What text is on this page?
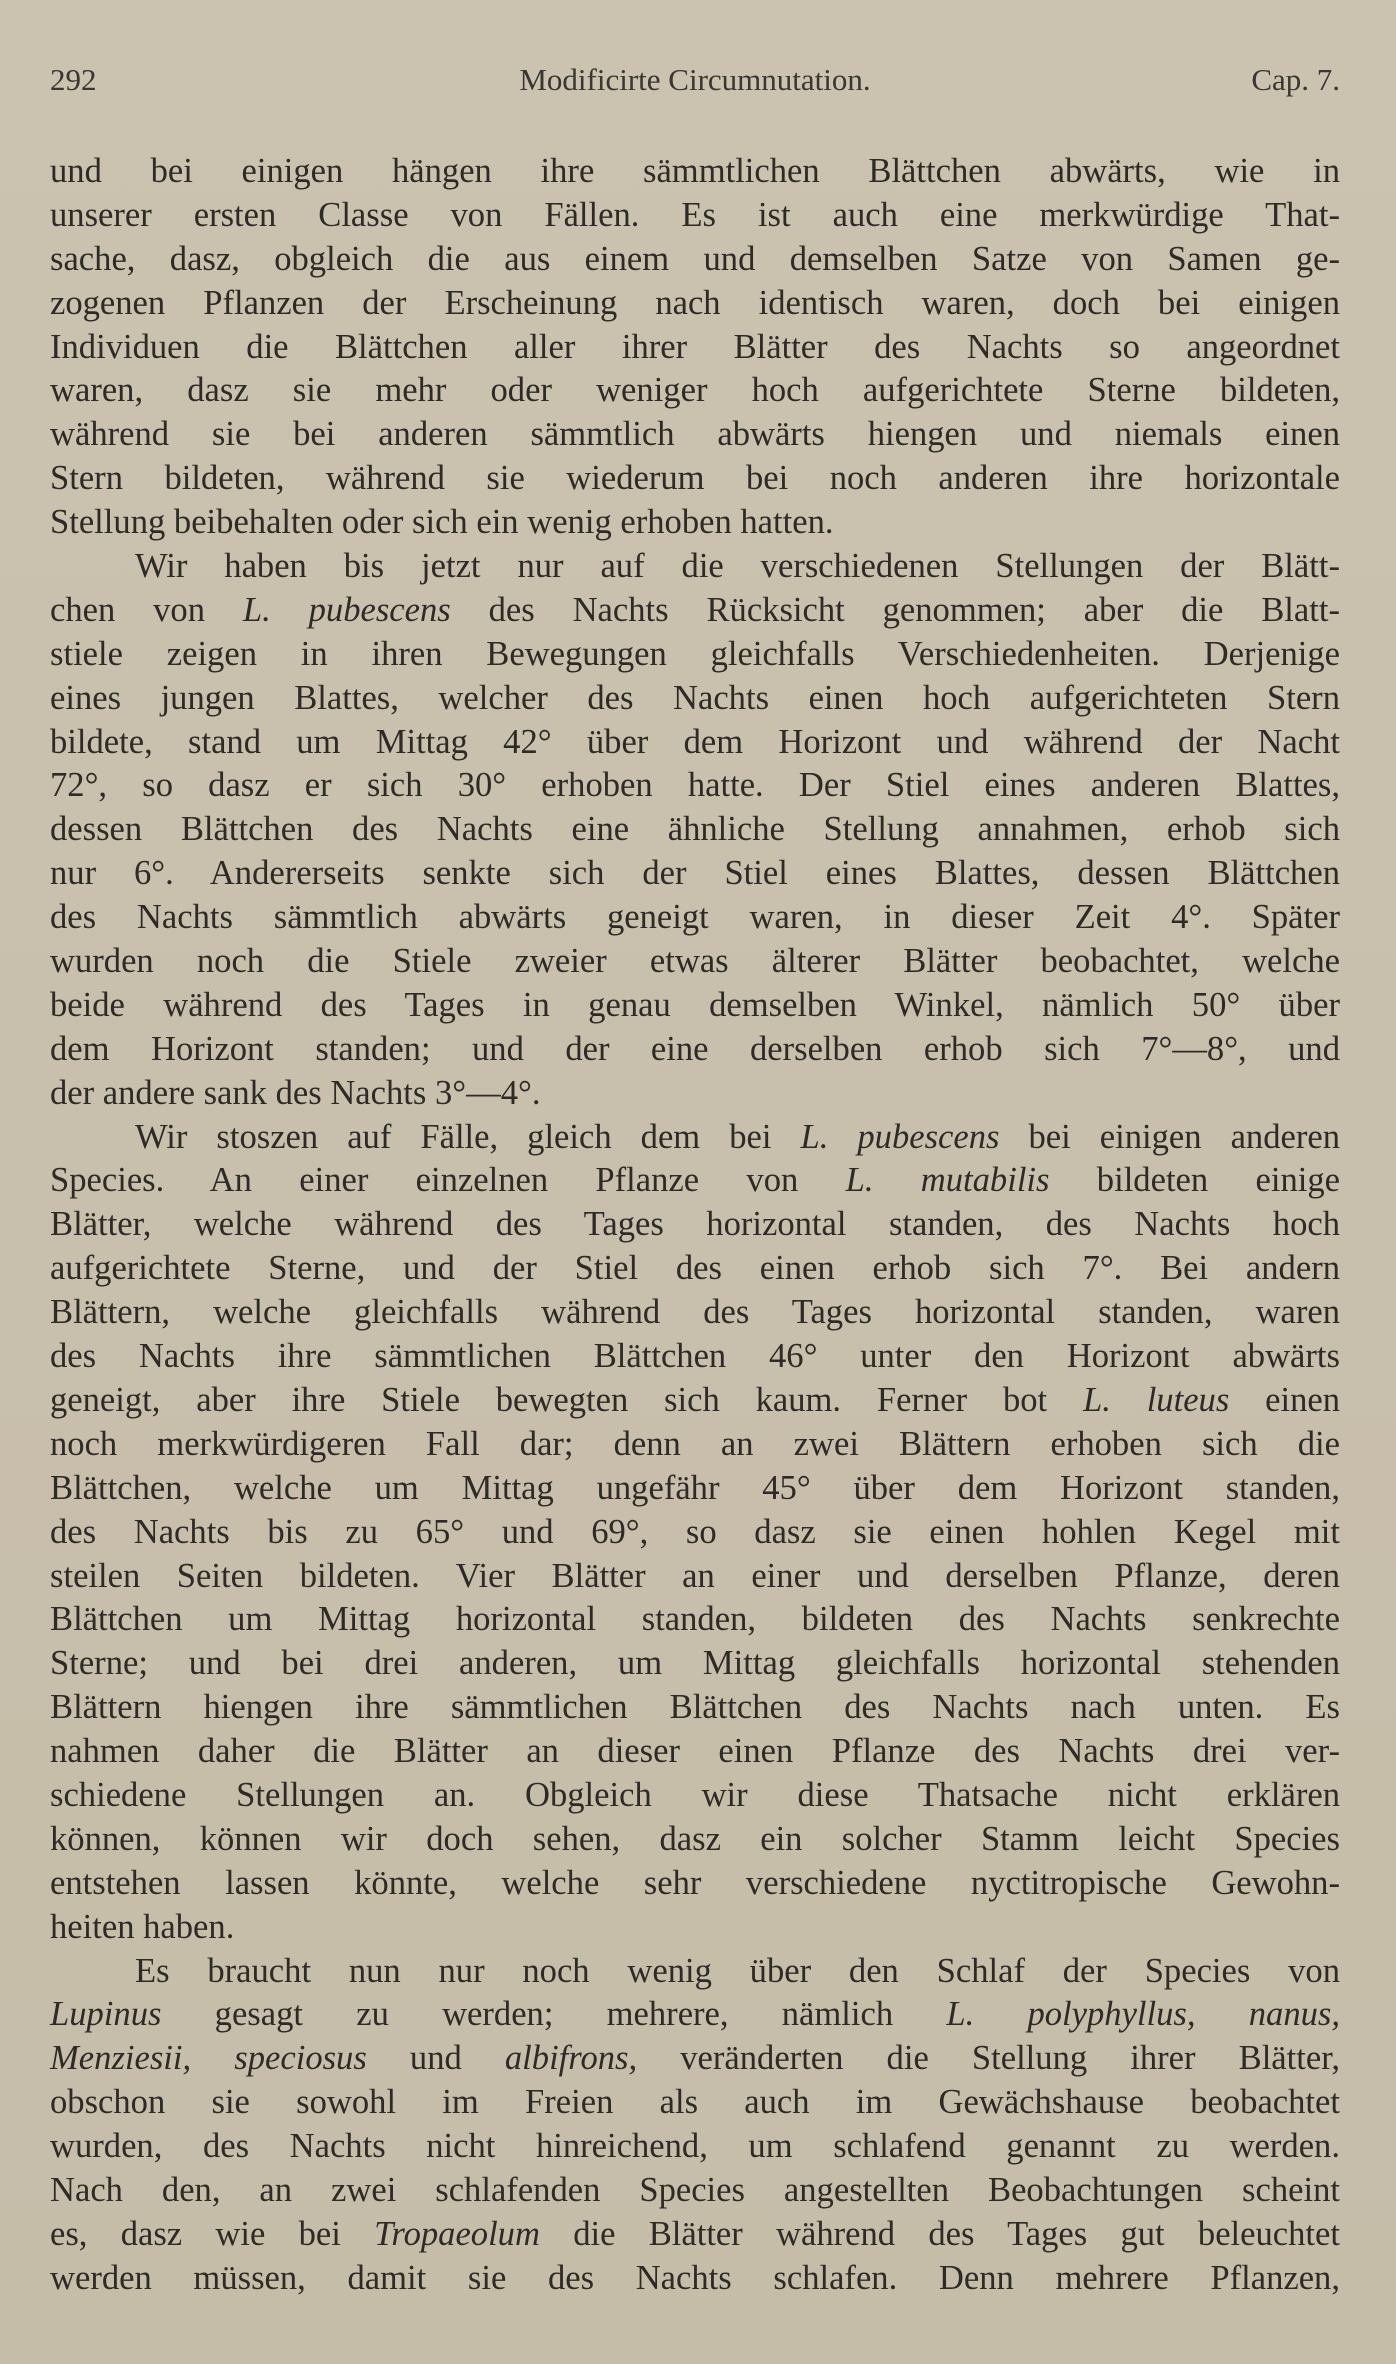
292	Modificirte Circumnutation.	Cap. 7.
und bei einigen hängen ihre sämmtlichen Blättchen abwärts, wie in
unserer ersten Classe von Fällen. Es ist auch eine merkwürdige That-
sache, dasz, obgleich die aus einem und demselben Satze von Samen ge-
zogenen Pflanzen der Erscheinung nach identisch waren, doch bei einigen
Individuen die Blättchen aller ihrer Blätter des Nachts so angeordnet
waren, dasz sie mehr oder weniger hoch aufgerichtete Sterne bildeten,
während sie bei anderen sämmtlich abwärts hiengen und niemals einen
Stern bildeten, während sie wiederum bei noch anderen ihre horizontale
Stellung beibehalten oder sich ein wenig erhoben hatten.
Wir haben bis jetzt nur auf die verschiedenen Stellungen der Blätt-
chen von L. pubescens des Nachts Rücksicht genommen; aber die Blatt-
stiele zeigen in ihren Bewegungen gleichfalls Verschiedenheiten. Derjenige
eines jungen Blattes, welcher des Nachts einen hoch aufgerichteten Stern
bildete, stand um Mittag 42° über dem Horizont und während der Nacht
72°, so dasz er sich 30° erhoben hatte. Der Stiel eines anderen Blattes,
dessen Blättchen des Nachts eine ähnliche Stellung annahmen, erhob sich
nur 6°. Andererseits senkte sich der Stiel eines Blattes, dessen Blättchen
des Nachts sämmtlich abwärts geneigt waren, in dieser Zeit 4°. Später
wurden noch die Stiele zweier etwas älterer Blätter beobachtet, welche
beide während des Tages in genau demselben Winkel, nämlich 50° über
dem Horizont standen; und der eine derselben erhob sich 7°—8°, und
der andere sank des Nachts 3°—4°.
Wir stoszen auf Fälle, gleich dem bei L. pubescens bei einigen anderen
Species. An einer einzelnen Pflanze von L. mutabilis bildeten einige
Blätter, welche während des Tages horizontal standen, des Nachts hoch
aufgerichtete Sterne, und der Stiel des einen erhob sich 7°. Bei andern
Blättern, welche gleichfalls während des Tages horizontal standen, waren
des Nachts ihre sämmtlichen Blättchen 46° unter den Horizont abwärts
geneigt, aber ihre Stiele bewegten sich kaum. Ferner bot L. luteus einen
noch merkwürdigeren Fall dar; denn an zwei Blättern erhoben sich die
Blättchen, welche um Mittag ungefähr 45° über dem Horizont standen,
des Nachts bis zu 65° und 69°, so dasz sie einen hohlen Kegel mit
steilen Seiten bildeten. Vier Blätter an einer und derselben Pflanze, deren
Blättchen um Mittag horizontal standen, bildeten des Nachts senkrechte
Sterne; und bei drei anderen, um Mittag gleichfalls horizontal stehenden
Blättern hiengen ihre sämmtlichen Blättchen des Nachts nach unten. Es
nahmen daher die Blätter an dieser einen Pflanze des Nachts drei ver-
schiedene Stellungen an. Obgleich wir diese Thatsache nicht erklären
können, können wir doch sehen, dasz ein solcher Stamm leicht Species
entstehen lassen könnte, welche sehr verschiedene nyctitropische Gewohn-
heiten haben.
Es braucht nun nur noch wenig über den Schlaf der Species von
Lupinus gesagt zu werden; mehrere, nämlich L. polyphyllus, nanus,
Menziesii, speciosus und albifrons, veränderten die Stellung ihrer Blätter,
obschon sie sowohl im Freien als auch im Gewächshause beobachtet
wurden, des Nachts nicht hinreichend, um schlafend genannt zu werden.
Nach den, an zwei schlafenden Species angestellten Beobachtungen scheint
es, dasz wie bei Tropaeolum die Blätter während des Tages gut beleuchtet
werden müssen, damit sie des Nachts schlafen. Denn mehrere Pflanzen,
